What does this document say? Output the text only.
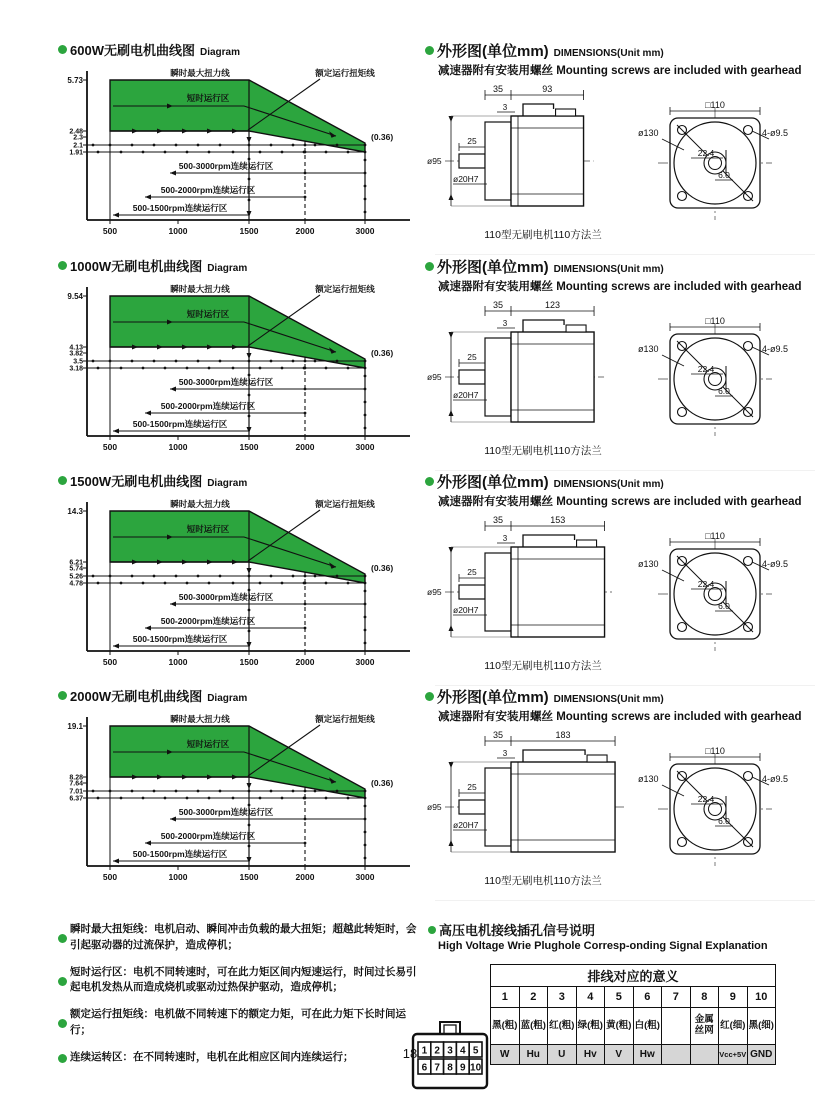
600W无刷电机曲线图 Diagram
500	1000	1500	2000	3000
5.73
2.48
2.3
2.1
1.91
500-3000rpm连续运行区
500-2000rpm连续运行区
500-1500rpm连续运行区
瞬时最大扭力线	额定运行扭矩线
短时运行区
(0.36)
外形图(单位mm) DIMENSIONS(Unit mm)
减速器附有安装用螺丝 Mounting screws are included with gearhead
35	93
3
25
ø95
ø20H7
□110
ø130	4-ø9.5
22.4
6.0
110型无刷电机110方法兰
1000W无刷电机曲线图 Diagram
500	1000	1500	2000	3000
9.54
4.13
3.82
3.5
3.18
500-3000rpm连续运行区
500-2000rpm连续运行区
500-1500rpm连续运行区
瞬时最大扭力线	额定运行扭矩线
短时运行区
(0.36)
外形图(单位mm) DIMENSIONS(Unit mm)
减速器附有安装用螺丝 Mounting screws are included with gearhead
35	123
3
25
ø95
ø20H7
□110
ø130	4-ø9.5
22.4
6.0
110型无刷电机110方法兰
1500W无刷电机曲线图 Diagram
500	1000	1500	2000	3000
14.3
6.21
5.74
5.26
4.78
500-3000rpm连续运行区
500-2000rpm连续运行区
500-1500rpm连续运行区
瞬时最大扭力线	额定运行扭矩线
短时运行区
(0.36)
外形图(单位mm) DIMENSIONS(Unit mm)
减速器附有安装用螺丝 Mounting screws are included with gearhead
35	153
3
25
ø95
ø20H7
□110
ø130	4-ø9.5
22.4
6.0
110型无刷电机110方法兰
2000W无刷电机曲线图 Diagram
500	1000	1500	2000	3000
19.1
8.28
7.64
7.01
6.37
500-3000rpm连续运行区
500-2000rpm连续运行区
500-1500rpm连续运行区
瞬时最大扭力线	额定运行扭矩线
短时运行区
(0.36)
外形图(单位mm) DIMENSIONS(Unit mm)
减速器附有安装用螺丝 Mounting screws are included with gearhead
35	183
3
25
ø95
ø20H7
□110
ø130	4-ø9.5
22.4
6.0
110型无刷电机110方法兰
瞬时最大扭矩线：电机启动、瞬间冲击负载的最大扭矩；超越此转矩时，会引起驱动器的过流保护，造成停机；
短时运行区：电机不同转速时，可在此力矩区间内短速运行，时间过长易引起电机发热从而造成烧机或驱动过热保护驱动，造成停机；
额定运行扭矩线：电机做不同转速下的额定力矩，可在此力矩下长时间运行；
连续运转区：在不同转速时，电机在此相应区间内连续运行；
高压电机接线插孔信号说明
High Voltage Wrie Plughole Corresp-onding Signal Explanation
1 2 3 4 5
6 7 8 9 10
排线对应的意义									
1	2	3	4	5	6	7	8	9	10
黑(粗)	蓝(粗)	红(粗)	绿(粗)	黄(粗)	白(粗)		金属丝网	红(细)	黑(细)
W	Hu	U	Hv	V	Hw			Vcc+5V	GND
18
